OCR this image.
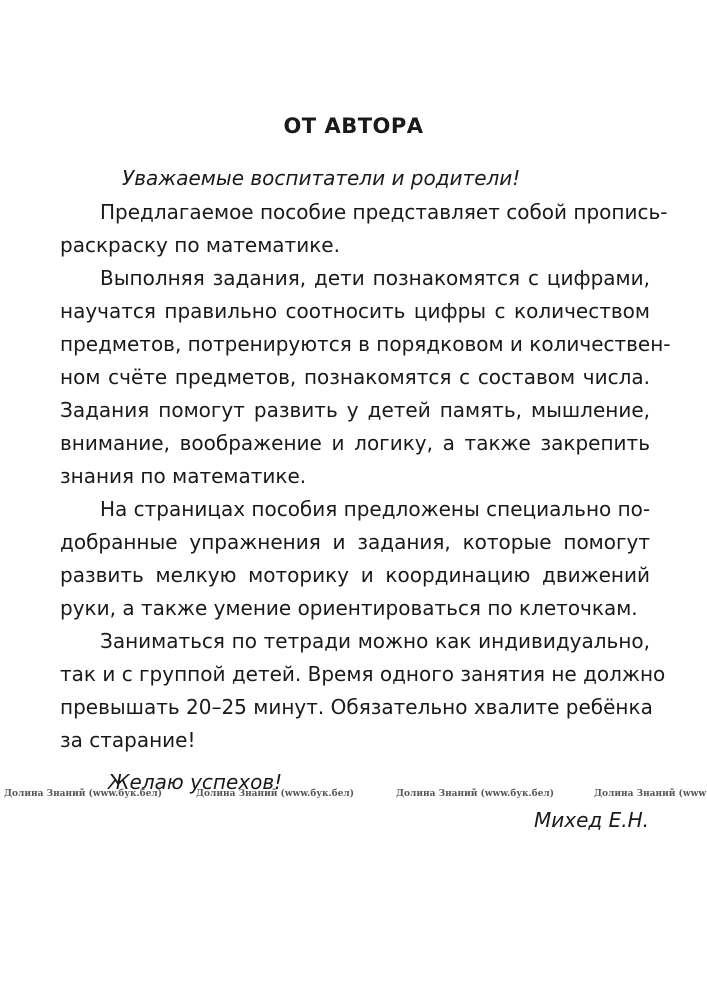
ОТ АВТОРА
Уважаемые воспитатели и родители!
Предлагаемое пособие представляет собой пропись-
раскраску по математике.
Выполняя задания, дети познакомятся с цифрами,
научатся правильно соотносить цифры с количеством
предметов, потренируются в порядковом и количествен-
ном счёте предметов, познакомятся с составом числа.
Задания помогут развить у детей память, мышление,
внимание, воображение и логику, а также закрепить
знания по математике.
На страницах пособия предложены специально по-
добранные упражнения и задания, которые помогут
развить мелкую моторику и координацию движений
руки, а также умение ориентироваться по клеточкам.
Заниматься по тетради можно как индивидуально,
так и с группой детей. Время одного занятия не должно
превышать 20–25 минут. Обязательно хвалите ребёнка
за старание!
Долина Знаний (www.бук.бел)	Долина Знаний (www.бук.бел)	Долина Знаний (www.бук.бел)	Долина Знаний (www
Желаю успехов!
Михед Е.Н.
